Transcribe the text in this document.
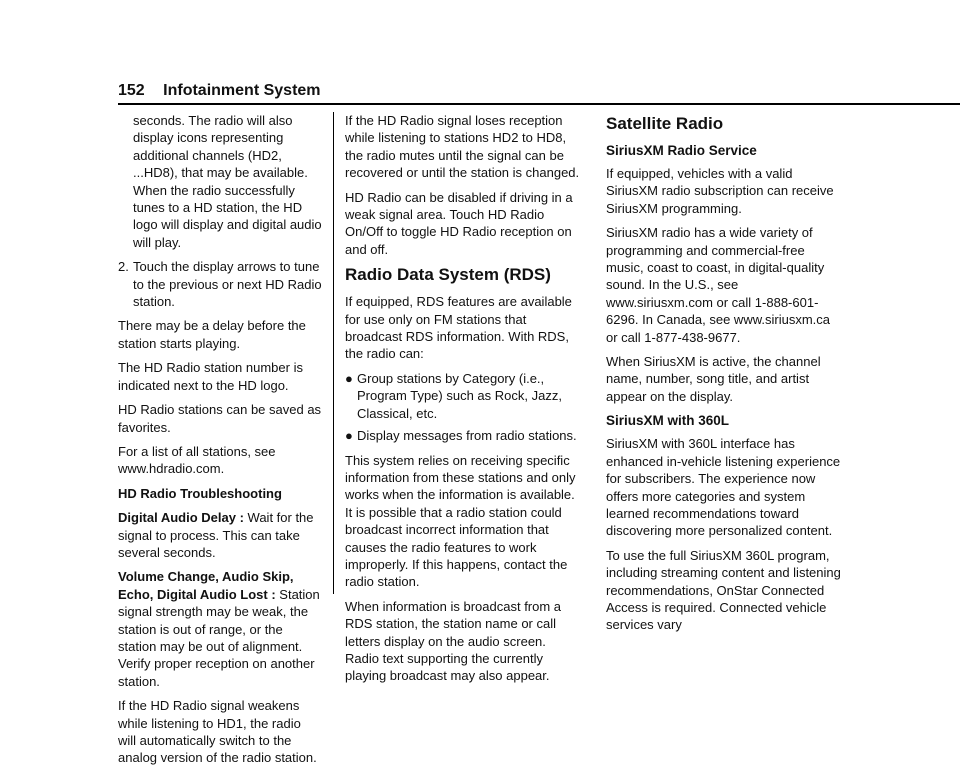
152 Infotainment System

seconds. The radio will also display icons representing additional channels (HD2, ...HD8), that may be available. When the radio successfully tunes to a HD station, the HD logo will display and digital audio will play.

2. Touch the display arrows to tune to the previous or next HD Radio station.

There may be a delay before the station starts playing.

The HD Radio station number is indicated next to the HD logo.

HD Radio stations can be saved as favorites.

For a list of all stations, see www.hdradio.com.

HD Radio Troubleshooting

Digital Audio Delay : Wait for the signal to process. This can take several seconds.

Volume Change, Audio Skip, Echo, Digital Audio Lost : Station signal strength may be weak, the station is out of range, or the station may be out of alignment. Verify proper reception on another station.

If the HD Radio signal weakens while listening to HD1, the radio will automatically switch to the analog version of the radio station.

If the HD Radio signal loses reception while listening to stations HD2 to HD8, the radio mutes until the signal can be recovered or until the station is changed.

HD Radio can be disabled if driving in a weak signal area. Touch HD Radio On/Off to toggle HD Radio reception on and off.

Radio Data System (RDS)

If equipped, RDS features are available for use only on FM stations that broadcast RDS information. With RDS, the radio can:

● Group stations by Category (i.e., Program Type) such as Rock, Jazz, Classical, etc.
● Display messages from radio stations.

This system relies on receiving specific information from these stations and only works when the information is available. It is possible that a radio station could broadcast incorrect information that causes the radio features to work improperly. If this happens, contact the radio station.

When information is broadcast from a RDS station, the station name or call letters display on the audio screen. Radio text supporting the currently playing broadcast may also appear.

Satellite Radio
SiriusXM Radio Service

If equipped, vehicles with a valid SiriusXM radio subscription can receive SiriusXM programming.

SiriusXM radio has a wide variety of programming and commercial-free music, coast to coast, in digital-quality sound. In the U.S., see www.siriusxm.com or call 1-888-601-6296. In Canada, see www.siriusxm.ca or call 1-877-438-9677.

When SiriusXM is active, the channel name, number, song title, and artist appear on the display.

SiriusXM with 360L

SiriusXM with 360L interface has enhanced in-vehicle listening experience for subscribers. The experience now offers more categories and system learned recommendations toward discovering more personalized content.

To use the full SiriusXM 360L program, including streaming content and listening recommendations, OnStar Connected Access is required. Connected vehicle services vary
